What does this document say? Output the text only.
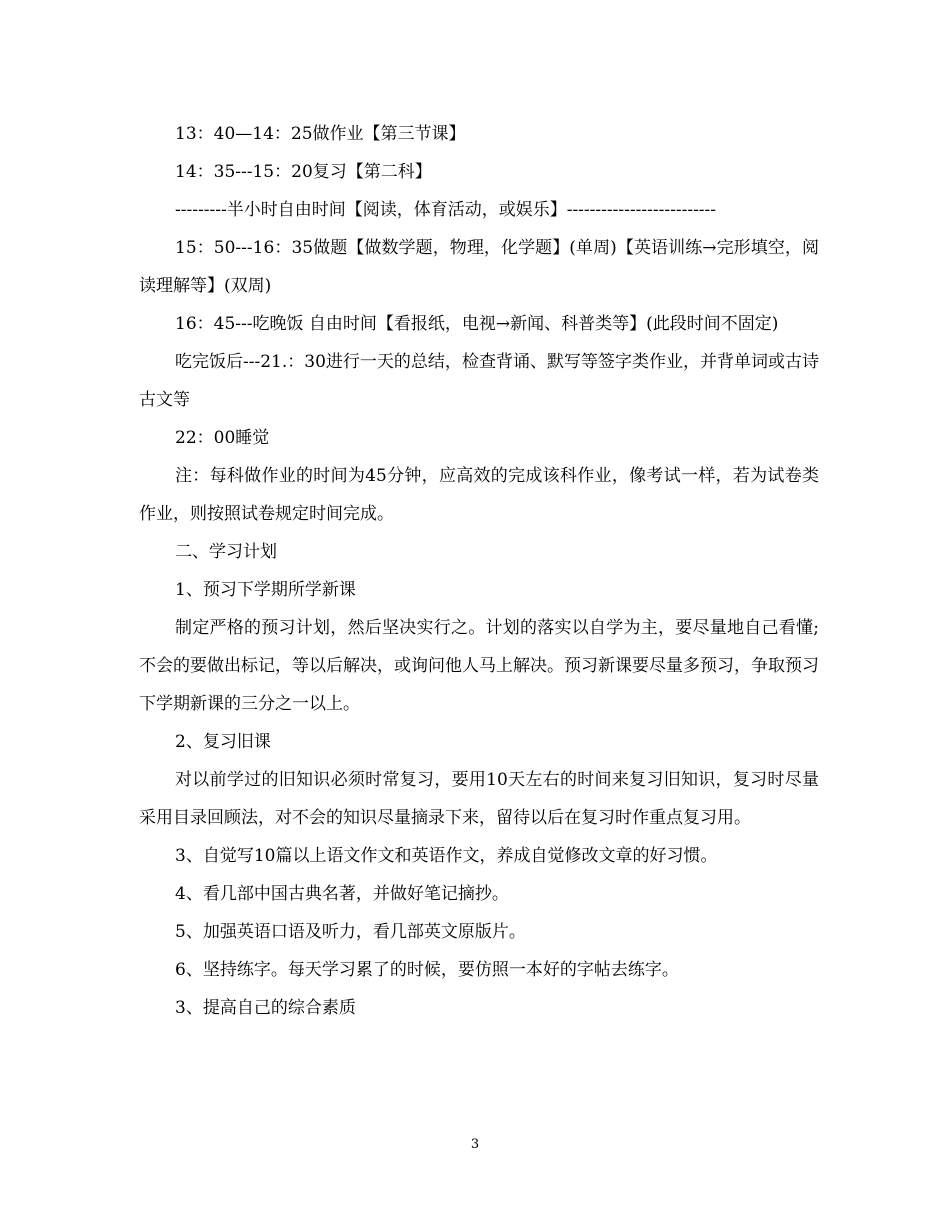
13：40—14：25做作业【第三节课】

14：35---15：20复习【第二科】

---------半小时自由时间【阅读，体育活动，或娱乐】--------------------------

15：50---16：35做题【做数学题，物理，化学题】(单周)【英语训练→完形填空，阅读理解等】(双周)

16：45---吃晚饭 自由时间【看报纸，电视→新闻、科普类等】(此段时间不固定)

吃完饭后---21.：30进行一天的总结，检查背诵、默写等签字类作业，并背单词或古诗古文等

22：00睡觉

注：每科做作业的时间为45分钟，应高效的完成该科作业，像考试一样，若为试卷类作业，则按照试卷规定时间完成。

二、学习计划

1、预习下学期所学新课

制定严格的预习计划，然后坚决实行之。计划的落实以自学为主，要尽量地自己看懂;不会的要做出标记，等以后解决，或询问他人马上解决。预习新课要尽量多预习，争取预习下学期新课的三分之一以上。

2、复习旧课

对以前学过的旧知识必须时常复习，要用10天左右的时间来复习旧知识，复习时尽量采用目录回顾法，对不会的知识尽量摘录下来，留待以后在复习时作重点复习用。

3、自觉写10篇以上语文作文和英语作文，养成自觉修改文章的好习惯。

4、看几部中国古典名著，并做好笔记摘抄。

5、加强英语口语及听力，看几部英文原版片。

6、坚持练字。每天学习累了的时候，要仿照一本好的字帖去练字。

3、提高自己的综合素质

3
